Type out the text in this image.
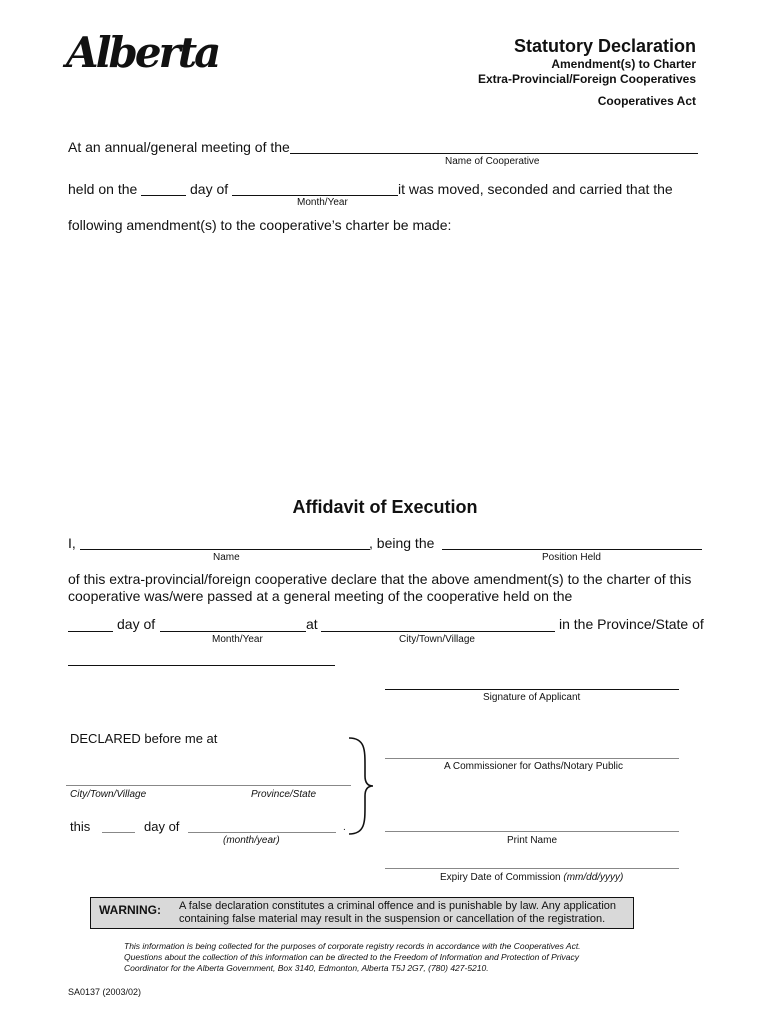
Alberta	Statutory Declaration
Amendment(s) to Charter
Extra-Provincial/Foreign Cooperatives
Cooperatives Act
At an annual/general meeting of the
Name of Cooperative
held on the	day of	it was moved, seconded and carried that the
Month/Year
following amendment(s) to the cooperative’s charter be made:
Affidavit of Execution
I,	, being the
Name	Position Held
of this extra-provincial/foreign cooperative declare that the above amendment(s) to the charter of this
cooperative was/were passed at a general meeting of the cooperative held on the
day of	at	in the Province/State of
Month/Year	City/Town/Village
Signature of Applicant
DECLARED before me at
City/Town/Village	Province/State
this	day of	.
(month/year)
A Commissioner for Oaths/Notary Public
Print Name
Expiry Date of Commission (mm/dd/yyyy)
WARNING: A false declaration constitutes a criminal offence and is punishable by law. Any application
containing false material may result in the suspension or cancellation of the registration.
This information is being collected for the purposes of corporate registry records in accordance with the Cooperatives Act.
Questions about the collection of this information can be directed to the Freedom of Information and Protection of Privacy
Coordinator for the Alberta Government, Box 3140, Edmonton, Alberta T5J 2G7, (780) 427-5210.
SA0137 (2003/02)
